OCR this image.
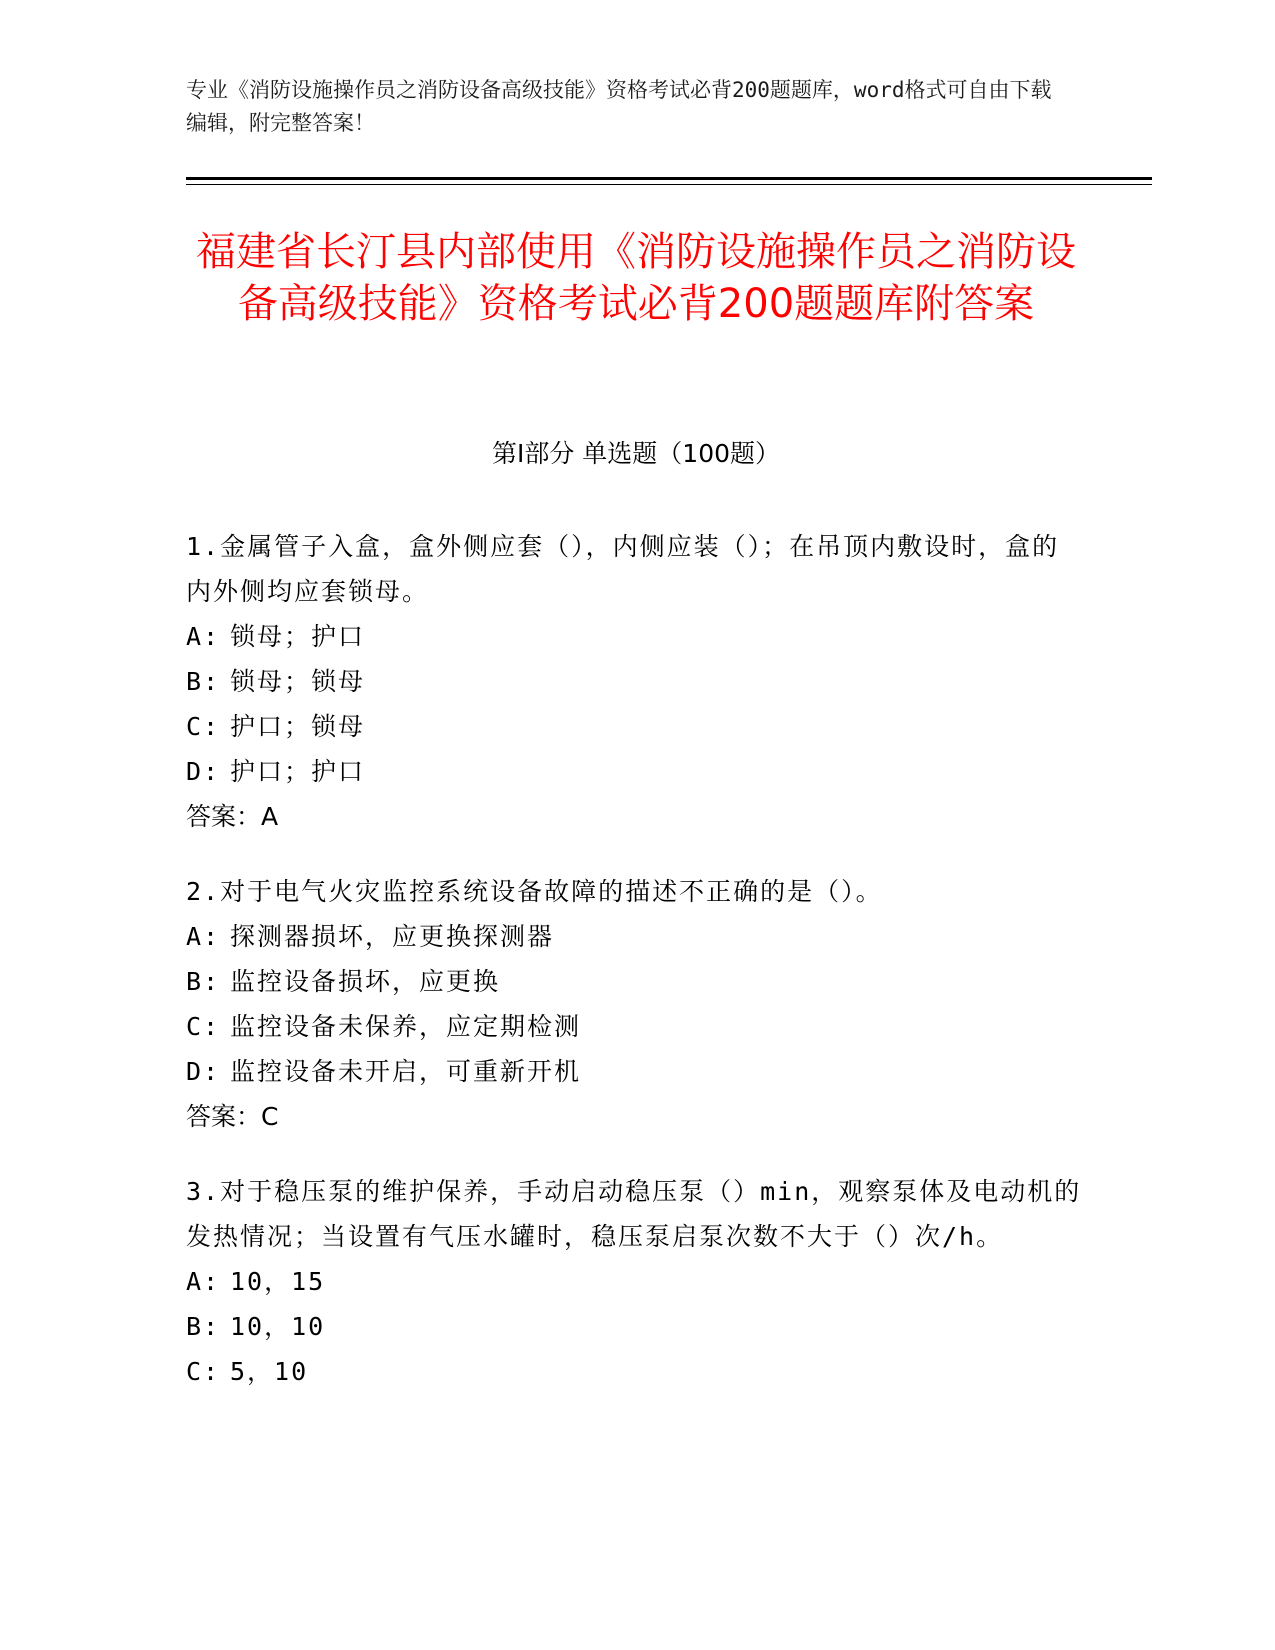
专业《消防设施操作员之消防设备高级技能》资格考试必背200题题库，word格式可自由下载编辑，附完整答案！
福建省长汀县内部使用《消防设施操作员之消防设备高级技能》资格考试必背200题题库附答案
第Ⅰ部分 单选题（100题）
1.金属管子入盒，盒外侧应套（），内侧应装（）；在吊顶内敷设时，盒的内外侧均应套锁母。
A: 锁母；护口
B: 锁母；锁母
C: 护口；锁母
D: 护口；护口
答案：A
2.对于电气火灾监控系统设备故障的描述不正确的是（）。
A: 探测器损坏，应更换探测器
B: 监控设备损坏，应更换
C: 监控设备未保养，应定期检测
D: 监控设备未开启，可重新开机
答案：C
3.对于稳压泵的维护保养，手动启动稳压泵（）min，观察泵体及电动机的发热情况；当设置有气压水罐时，稳压泵启泵次数不大于（）次/h。
A: 10，15
B: 10，10
C: 5，10
